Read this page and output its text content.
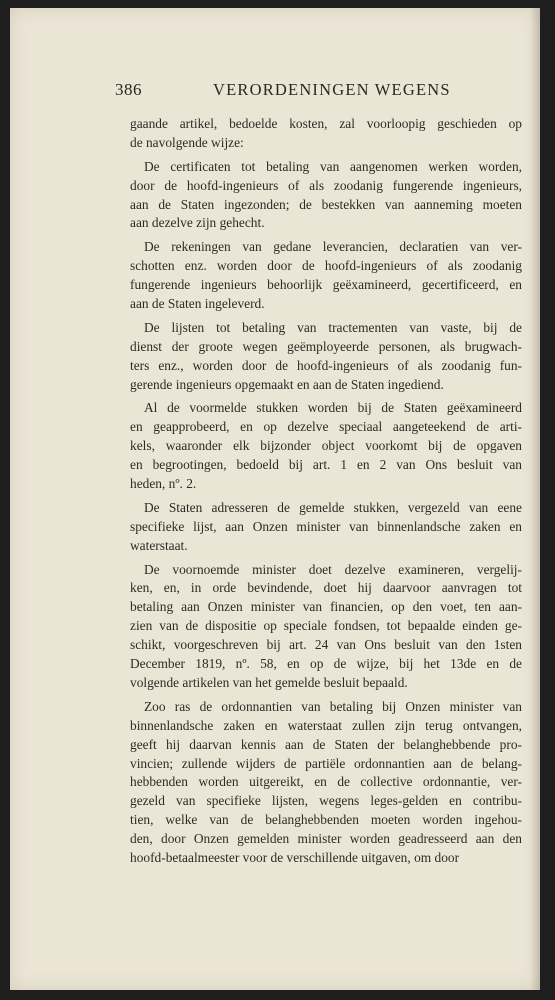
386	VERORDENINGEN WEGENS
gaande artikel, bedoelde kosten, zal voorloopig geschieden op
de navolgende wijze:
De certificaten tot betaling van aangenomen werken worden,
door de hoofd-ingenieurs of als zoodanig fungerende ingenieurs,
aan de Staten ingezonden; de bestekken van aanneming moeten
aan dezelve zijn gehecht.
De rekeningen van gedane leverancien, declaratien van ver-
schotten enz. worden door de hoofd-ingenieurs of als zoodanig
fungerende ingenieurs behoorlijk geëxamineerd, gecertificeerd, en
aan de Staten ingeleverd.
De lijsten tot betaling van tractementen van vaste, bij de
dienst der groote wegen geëmployeerde personen, als brugwach-
ters enz., worden door de hoofd-ingenieurs of als zoodanig fun-
gerende ingenieurs opgemaakt en aan de Staten ingediend.
Al de voormelde stukken worden bij de Staten geëxamineerd
en geapprobeerd, en op dezelve speciaal aangeteekend de arti-
kels, waaronder elk bijzonder object voorkomt bij de opgaven
en begrootingen, bedoeld bij art. 1 en 2 van Ons besluit van
heden, nº. 2.
De Staten adresseren de gemelde stukken, vergezeld van eene
specifieke lijst, aan Onzen minister van binnenlandsche zaken en
waterstaat.
De voornoemde minister doet dezelve examineren, vergelij-
ken, en, in orde bevindende, doet hij daarvoor aanvragen tot
betaling aan Onzen minister van financien, op den voet, ten aan-
zien van de dispositie op speciale fondsen, tot bepaalde einden ge-
schikt, voorgeschreven bij art. 24 van Ons besluit van den 1sten
December 1819, nº. 58, en op de wijze, bij het 13de en de
volgende artikelen van het gemelde besluit bepaald.
Zoo ras de ordonnantien van betaling bij Onzen minister van
binnenlandsche zaken en waterstaat zullen zijn terug ontvangen,
geeft hij daarvan kennis aan de Staten der belanghebbende pro-
vincien; zullende wijders de partiële ordonnantien aan de belang-
hebbenden worden uitgereikt, en de collective ordonnantie, ver-
gezeld van specifieke lijsten, wegens leges-gelden en contribu-
tien, welke van de belanghebbenden moeten worden ingehou-
den, door Onzen gemelden minister worden geadresseerd aan den
hoofd-betaalmeester voor de verschillende uitgaven, om door
